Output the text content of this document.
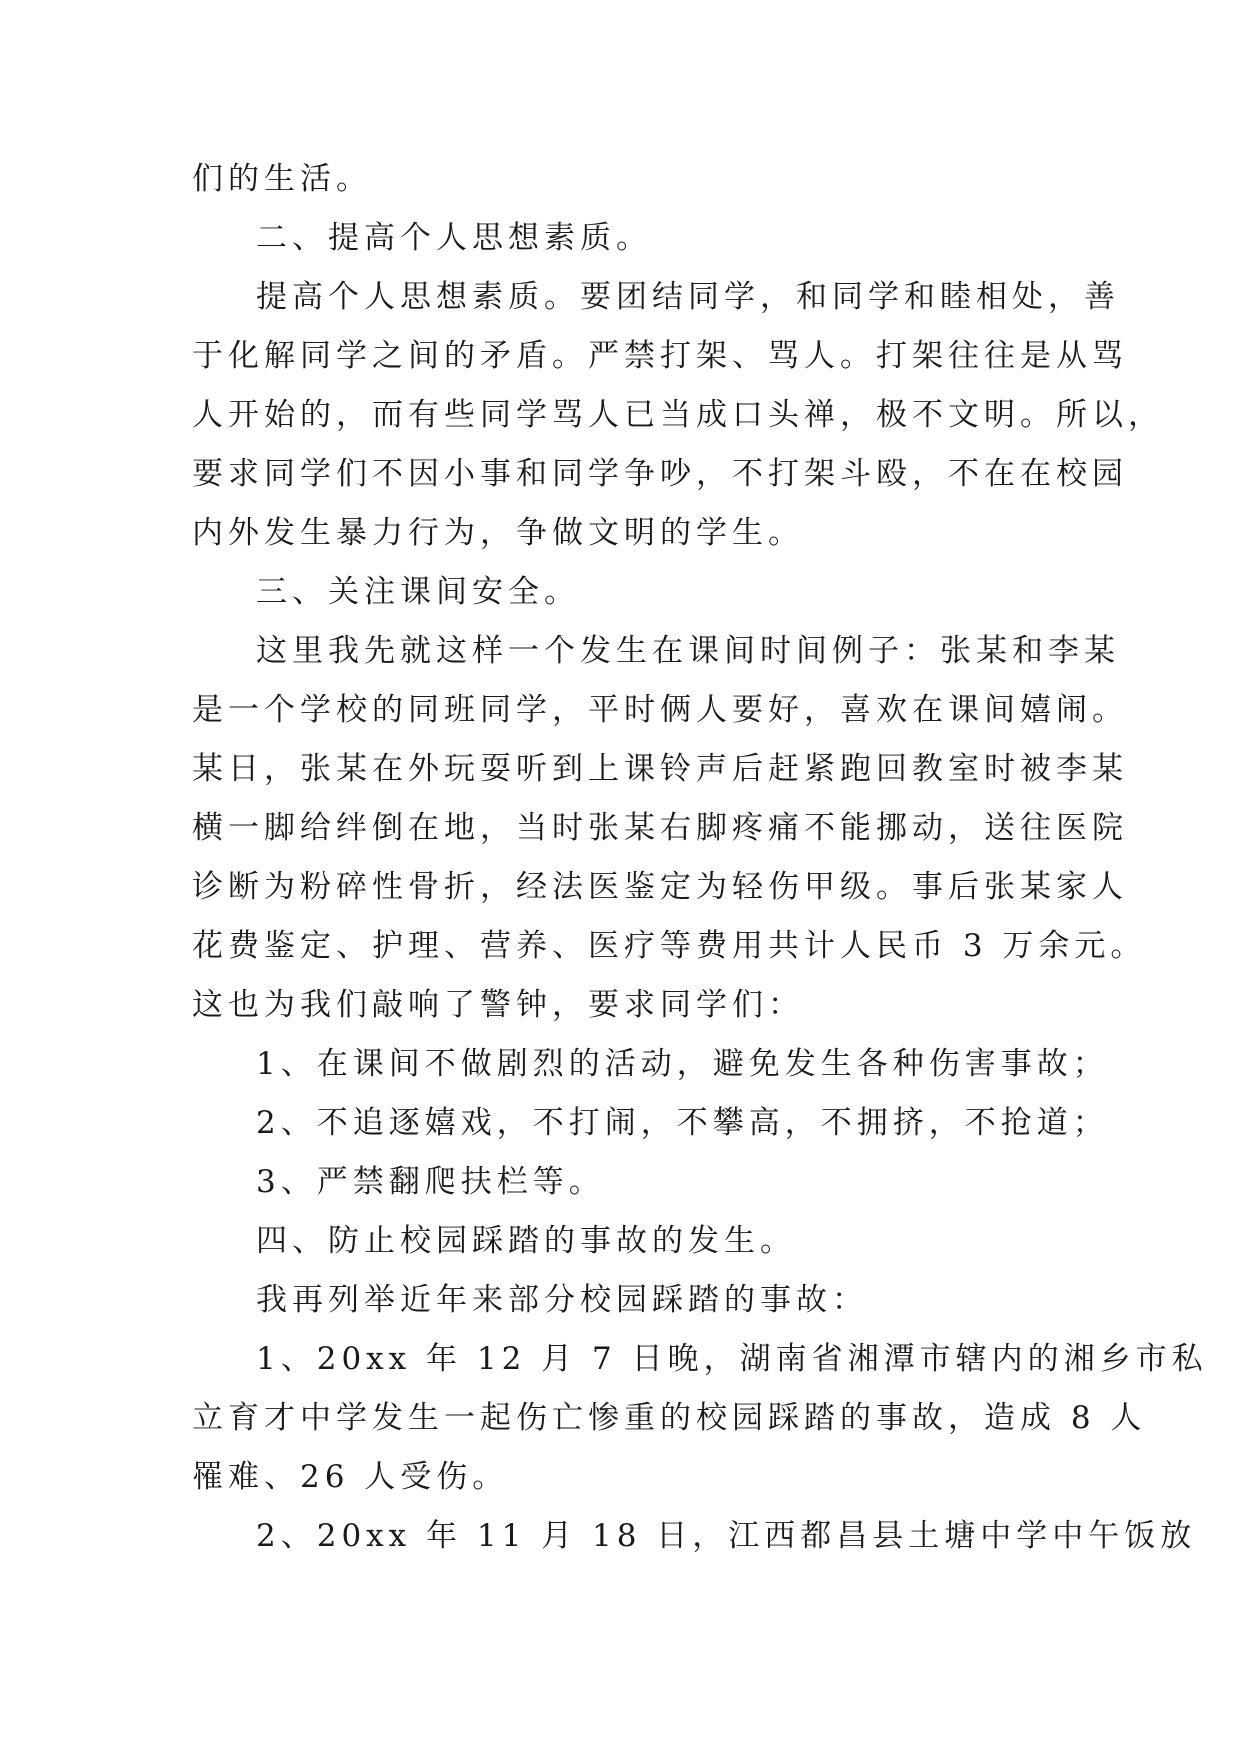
们的生活。
二、提高个人思想素质。
提高个人思想素质。要团结同学，和同学和睦相处，善
于化解同学之间的矛盾。严禁打架、骂人。打架往往是从骂
人开始的，而有些同学骂人已当成口头禅，极不文明。所以，
要求同学们不因小事和同学争吵，不打架斗殴，不在在校园
内外发生暴力行为，争做文明的学生。
三、关注课间安全。
这里我先就这样一个发生在课间时间例子：张某和李某
是一个学校的同班同学，平时俩人要好，喜欢在课间嬉闹。
某日，张某在外玩耍听到上课铃声后赶紧跑回教室时被李某
横一脚给绊倒在地，当时张某右脚疼痛不能挪动，送往医院
诊断为粉碎性骨折，经法医鉴定为轻伤甲级。事后张某家人
花费鉴定、护理、营养、医疗等费用共计人民币 3 万余元。
这也为我们敲响了警钟，要求同学们：
1、在课间不做剧烈的活动，避免发生各种伤害事故；
2、不追逐嬉戏，不打闹，不攀高，不拥挤，不抢道；
3、严禁翻爬扶栏等。
四、防止校园踩踏的事故的发生。
我再列举近年来部分校园踩踏的事故：
1、20xx 年 12 月 7 日晚，湖南省湘潭市辖内的湘乡市私
立育才中学发生一起伤亡惨重的校园踩踏的事故，造成 8 人
罹难、26 人受伤。
2、20xx 年 11 月 18 日，江西都昌县土塘中学中午饭放
